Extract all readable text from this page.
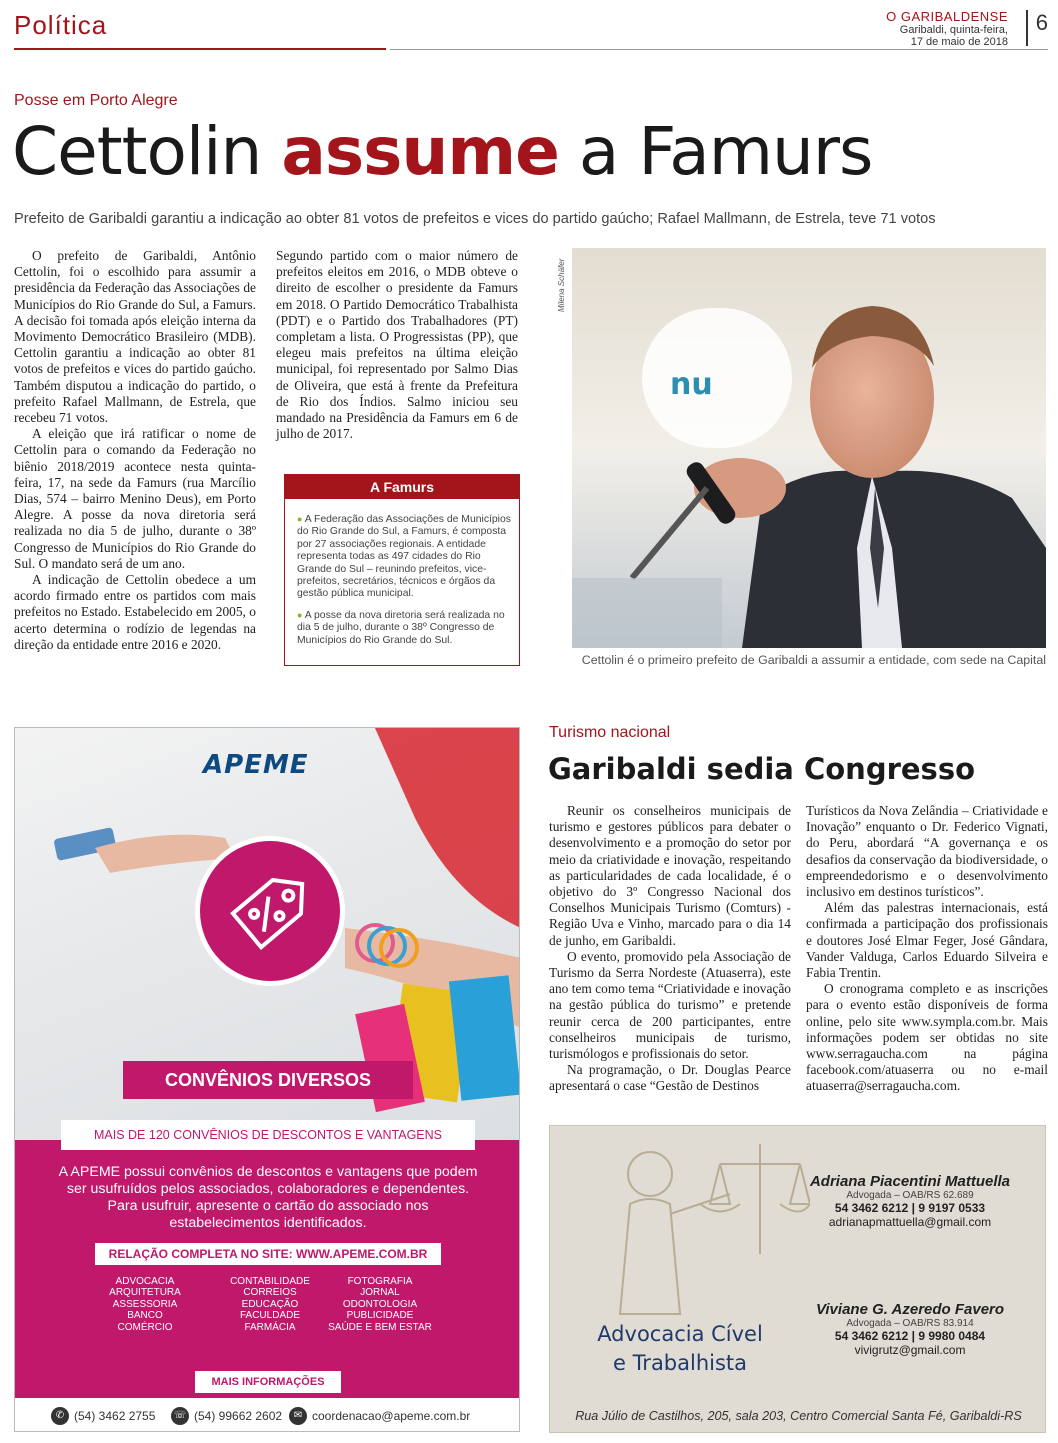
Política	O GARIBALDENSE
Garibaldi, quinta-feira,
17 de maio de 2018
6
Posse em Porto Alegre
Cettolin assume a Famurs
Prefeito de Garibaldi garantiu a indicação ao obter 81 votos de prefeitos e vices do partido gaúcho; Rafael Mallmann, de Estrela, teve 71 votos

O prefeito de Garibaldi, Antônio Cettolin, foi o escolhido para assumir a presidência da Federação das Associações de Municípios do Rio Grande do Sul, a Famurs. A decisão foi tomada após eleição interna da Movimento Democrático Brasileiro (MDB). Cettolin garantiu a indicação ao obter 81 votos de prefeitos e vices do partido gaúcho. Também disputou a indicação do partido, o prefeito Rafael Mallmann, de Estrela, que recebeu 71 votos.

A eleição que irá ratificar o nome de Cettolin para o comando da Federação no biênio 2018/2019 acontece nesta quinta-feira, 17, na sede da Famurs (rua Marcílio Dias, 574 – bairro Menino Deus), em Porto Alegre. A posse da nova diretoria será realizada no dia 5 de julho, durante o 38º Congresso de Municípios do Rio Grande do Sul. O mandato será de um ano.

A indicação de Cettolin obedece a um acordo firmado entre os partidos com mais prefeitos no Estado. Estabelecido em 2005, o acerto determina o rodízio de legendas na direção da entidade entre 2016 e 2020.

Segundo partido com o maior número de prefeitos eleitos em 2016, o MDB obteve o direito de escolher o presidente da Famurs em 2018. O Partido Democrático Trabalhista (PDT) e o Partido dos Trabalhadores (PT) completam a lista. O Progressistas (PP), que elegeu mais prefeitos na última eleição municipal, foi representado por Salmo Dias de Oliveira, que está à frente da Prefeitura de Rio dos Índios. Salmo iniciou seu mandado na Presidência da Famurs em 6 de julho de 2017.

A Famurs

● A Federação das Associações de Municípios do Rio Grande do Sul, a Famurs, é composta por 27 associações regionais. A entidade representa todas as 497 cidades do Rio Grande do Sul – reunindo prefeitos, vice-prefeitos, secretários, técnicos e órgãos da gestão pública municipal.

● A posse da nova diretoria será realizada no dia 5 de julho, durante o 38º Congresso de Municípios do Rio Grande do Sul.

Milena Schäfer
nu
Cettolin é o primeiro prefeito de Garibaldi a assumir a entidade, com sede na Capital
APEME
CONVÊNIOS DIVERSOS
MAIS DE 120 CONVÊNIOS DE DESCONTOS E VANTAGENS
A APEME possui convênios de descontos e vantagens que podem ser usufruídos pelos associados, colaboradores e dependentes. Para usufruir, apresente o cartão do associado nos estabelecimentos identificados.
RELAÇÃO COMPLETA NO SITE: WWW.APEME.COM.BR
ADVOCACIA
ARQUITETURA
ASSESSORIA
BANCO
COMÉRCIO
CONTABILIDADE
CORREIOS
EDUCAÇÃO
FACULDADE
FARMÁCIA
FOTOGRAFIA
JORNAL
ODONTOLOGIA
PUBLICIDADE
SAÚDE E BEM ESTAR
MAIS INFORMAÇÕES
✆ (54) 3462 2755 ☏ (54) 99662 2602	✉ coordenacao@apeme.com.br
Turismo nacional
Garibaldi sedia Congresso

Reunir os conselheiros municipais de turismo e gestores públicos para debater o desenvolvimento e a promoção do setor por meio da criatividade e inovação, respeitando as particularidades de cada localidade, é o objetivo do 3º Congresso Nacional dos Conselhos Municipais Turismo (Comturs) - Região Uva e Vinho, marcado para o dia 14 de junho, em Garibaldi.

O evento, promovido pela Associação de Turismo da Serra Nordeste (Atuaserra), este ano tem como tema “Criatividade e inovação na gestão pública do turismo” e pretende reunir cerca de 200 participantes, entre conselheiros municipais de turismo, turismólogos e profissionais do setor.

Na programação, o Dr. Douglas Pearce apresentará o case “Gestão de Destinos

Turísticos da Nova Zelândia – Criatividade e Inovação” enquanto o Dr. Federico Vignati, do Peru, abordará “A governança e os desafios da conservação da biodiversidade, o empreendedorismo e o desenvolvimento inclusivo em destinos turísticos”.

Além das palestras internacionais, está confirmada a participação dos profissionais e doutores José Elmar Feger, José Gândara, Vander Valduga, Carlos Eduardo Silveira e Fabia Trentin.

O cronograma completo e as inscrições para o evento estão disponíveis de forma online, pelo site www.sympla.com.br. Mais informações podem ser obtidas no site www.serragaucha.com na página facebook.com/atuaserra ou no e-mail atuaserra@serragaucha.com.

Advocacia Cível
e Trabalhista
Adriana Piacentini Mattuella
Advogada – OAB/RS 62.689
54 3462 6212 | 9 9197 0533
adrianapmattuella@gmail.com
Viviane G. Azeredo Favero
Advogada – OAB/RS 83.914
54 3462 6212 | 9 9980 0484
vivigrutz@gmail.com
Rua Júlio de Castilhos, 205, sala 203, Centro Comercial Santa Fé, Garibaldi-RS
